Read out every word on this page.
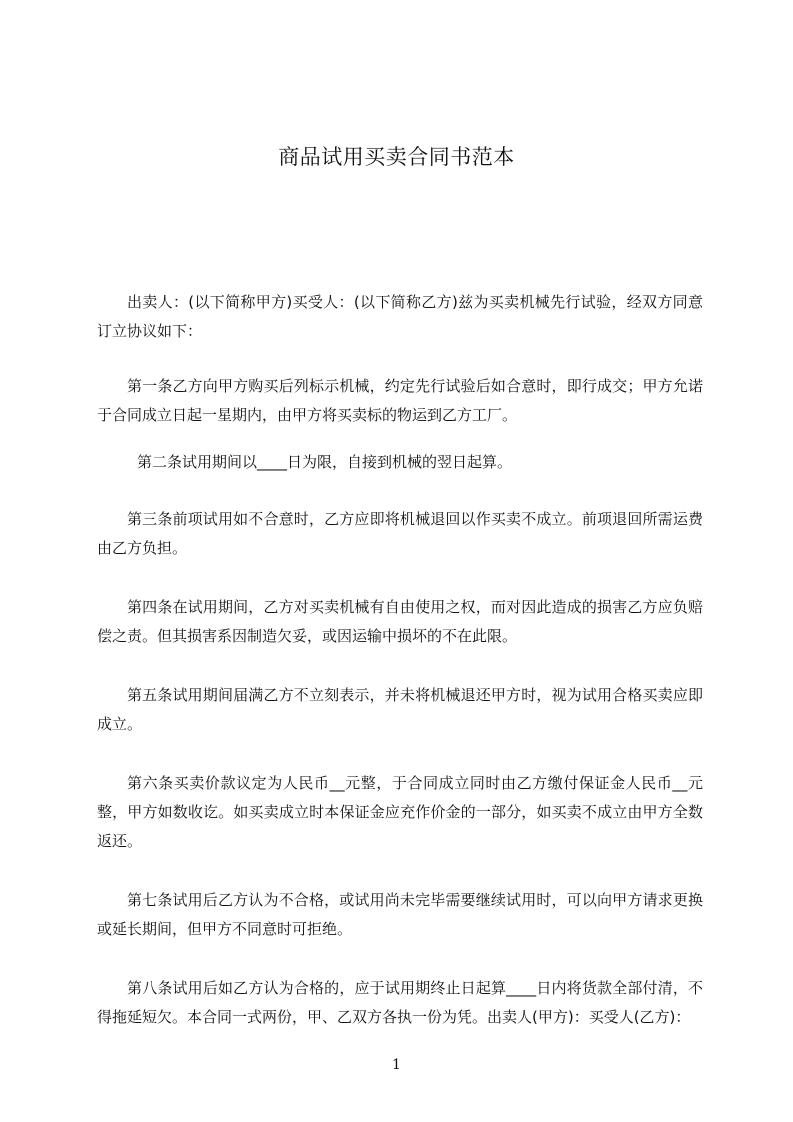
商品试用买卖合同书范本

出卖人：(以下简称甲方)买受人：(以下简称乙方)兹为买卖机械先行试验，经双方同意订立协议如下：

第一条乙方向甲方购买后列标示机械，约定先行试验后如合意时，即行成交；甲方允诺于合同成立日起一星期内，由甲方将买卖标的物运到乙方工厂。

第二条试用期间以____日为限，自接到机械的翌日起算。

第三条前项试用如不合意时，乙方应即将机械退回以作买卖不成立。前项退回所需运费由乙方负担。

第四条在试用期间，乙方对买卖机械有自由使用之权，而对因此造成的损害乙方应负赔偿之责。但其损害系因制造欠妥，或因运输中损坏的不在此限。

第五条试用期间届满乙方不立刻表示，并未将机械退还甲方时，视为试用合格买卖应即成立。

第六条买卖价款议定为人民币__元整，于合同成立同时由乙方缴付保证金人民币__元整，甲方如数收讫。如买卖成立时本保证金应充作价金的一部分，如买卖不成立由甲方全数返还。

第七条试用后乙方认为不合格，或试用尚未完毕需要继续试用时，可以向甲方请求更换或延长期间，但甲方不同意时可拒绝。

第八条试用后如乙方认为合格的，应于试用期终止日起算____日内将货款全部付清，不得拖延短欠。本合同一式两份，甲、乙双方各执一份为凭。出卖人(甲方)：买受人(乙方)：

1
